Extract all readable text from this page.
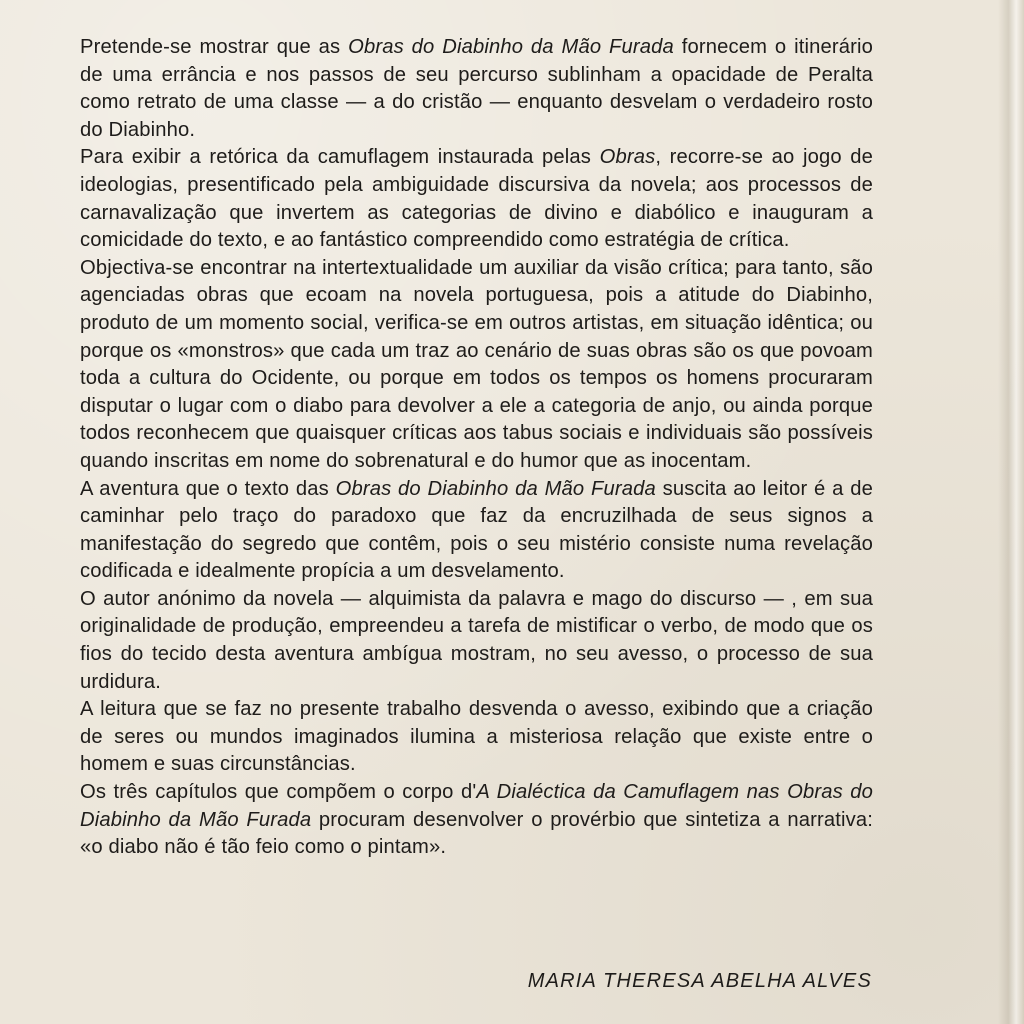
Pretende-se mostrar que as Obras do Diabinho da Mão Furada fornecem o itinerário de uma errância e nos passos de seu percurso sublinham a opacidade de Peralta como retrato de uma classe — a do cristão — enquanto desvelam o verdadeiro rosto do Diabinho.

Para exibir a retórica da camuflagem instaurada pelas Obras, recorre-se ao jogo de ideologias, presentificado pela ambiguidade discursiva da novela; aos processos de carnavalização que invertem as categorias de divino e diabólico e inauguram a comicidade do texto, e ao fantástico compreendido como estratégia de crítica.

Objectiva-se encontrar na intertextualidade um auxiliar da visão crítica; para tanto, são agenciadas obras que ecoam na novela portuguesa, pois a atitude do Diabinho, produto de um momento social, verifica-se em outros artistas, em situação idêntica; ou porque os «monstros» que cada um traz ao cenário de suas obras são os que povoam toda a cultura do Ocidente, ou porque em todos os tempos os homens procuraram disputar o lugar com o diabo para devolver a ele a categoria de anjo, ou ainda porque todos reconhecem que quaisquer críticas aos tabus sociais e individuais são possíveis quando inscritas em nome do sobrenatural e do humor que as inocentam.

A aventura que o texto das Obras do Diabinho da Mão Furada suscita ao leitor é a de caminhar pelo traço do paradoxo que faz da encruzilhada de seus signos a manifestação do segredo que contêm, pois o seu mistério consiste numa revelação codificada e idealmente propícia a um desvelamento.

O autor anónimo da novela — alquimista da palavra e mago do discurso — , em sua originalidade de produção, empreendeu a tarefa de mistificar o verbo, de modo que os fios do tecido desta aventura ambígua mostram, no seu avesso, o processo de sua urdidura.

A leitura que se faz no presente trabalho desvenda o avesso, exibindo que a criação de seres ou mundos imaginados ilumina a misteriosa relação que existe entre o homem e suas circunstâncias.

Os três capítulos que compõem o corpo d'A Dialéctica da Camuflagem nas Obras do Diabinho da Mão Furada procuram desenvolver o provérbio que sintetiza a narrativa: «o diabo não é tão feio como o pintam».

MARIA THERESA ABELHA ALVES
